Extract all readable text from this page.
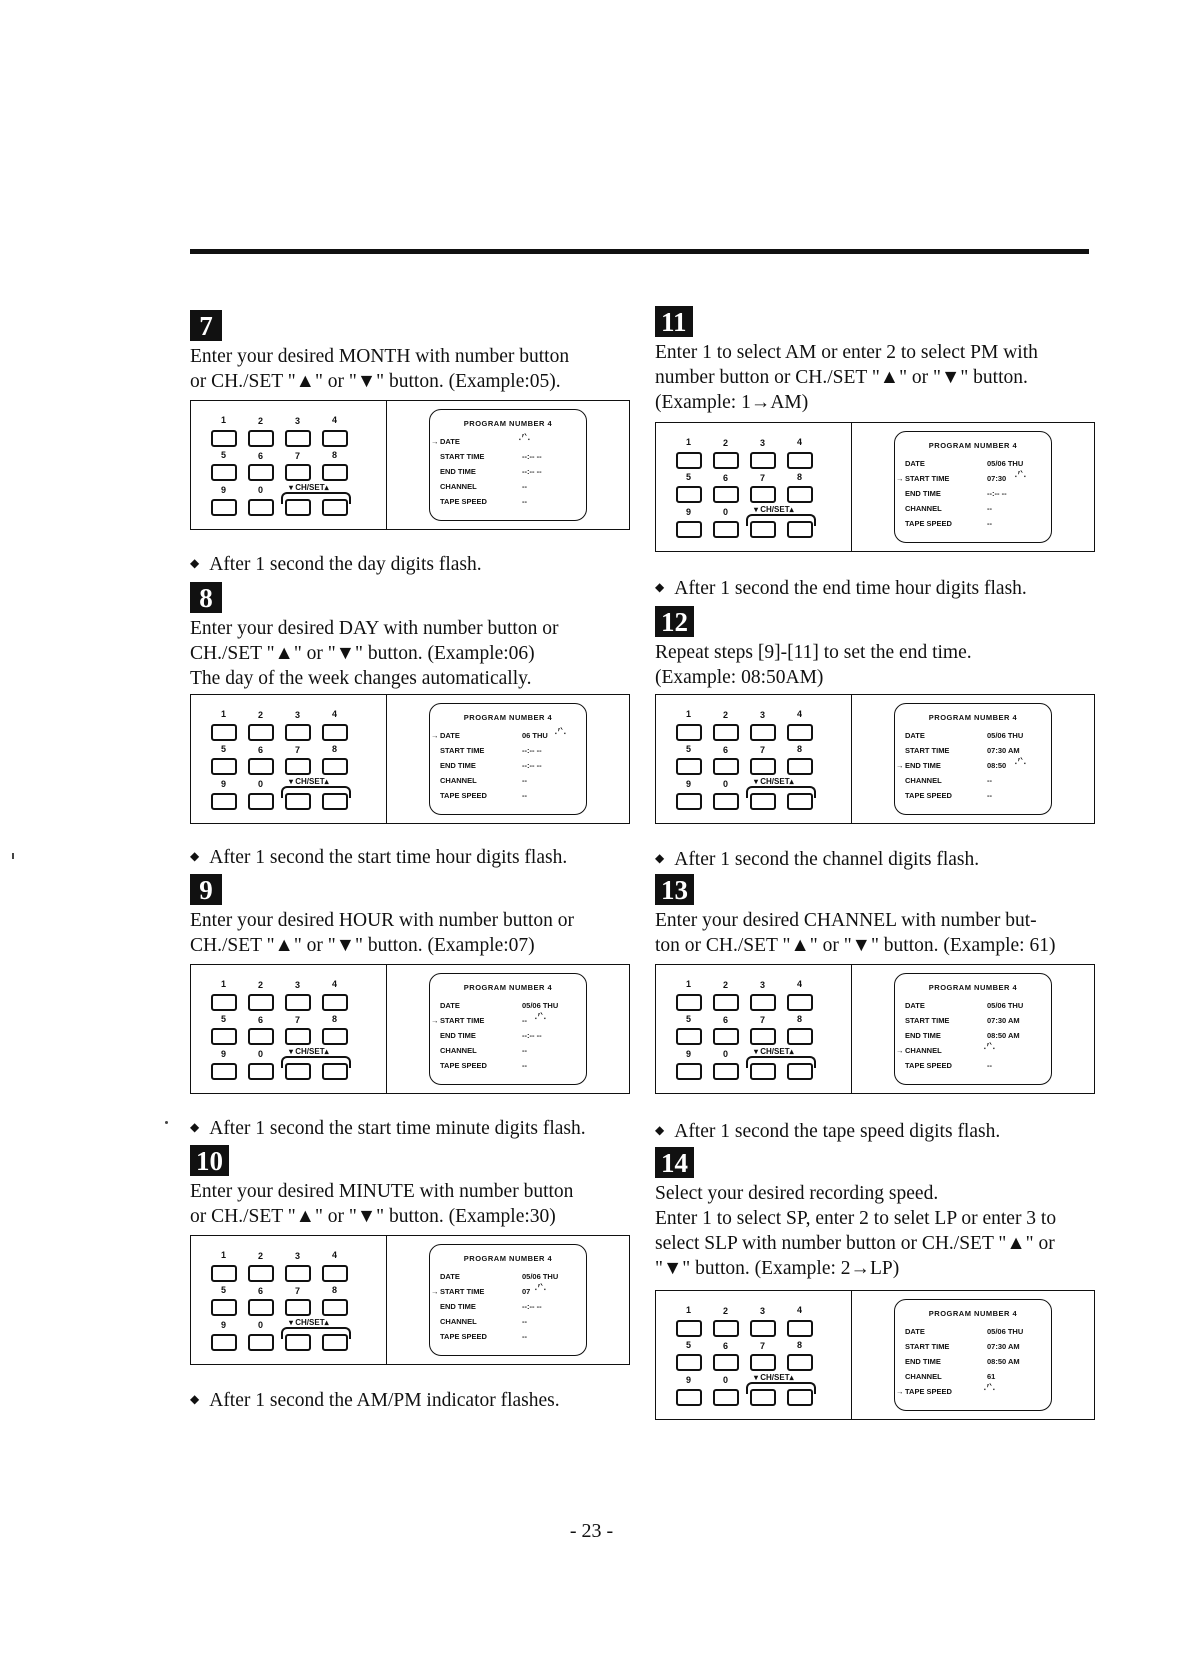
7

Enter your desired MONTH with number button

or CH./SET "▲" or "▼" button. (Example:05).

1	2	3	4
5	6	7	8
9	0	▾ CH/SET▴
PROGRAM NUMBER 4
→ DATE	∙′‵∙
START TIME	--:-- --
END TIME	--:-- --
CHANNEL	--
TAPE SPEED	--
◆ After 1 second the day digits flash.
8

Enter your desired DAY with number button or

CH./SET "▲" or "▼" button. (Example:06)

The day of the week changes automatically.

1	2	3	4
5	6	7	8
9	0	▾ CH/SET▴
PROGRAM NUMBER 4
→ DATE	06 THU ∙′‵∙
START TIME	--:-- --
END TIME	--:-- --
CHANNEL	--
TAPE SPEED	--
◆ After 1 second the start time hour digits flash.
9

Enter your desired HOUR with number button or

CH./SET "▲" or "▼" button. (Example:07)

1	2	3	4
5	6	7	8
9	0	▾ CH/SET▴
PROGRAM NUMBER 4
DATE	05/06 THU
→ START TIME	-- ∙′‵∙
END TIME	--:-- --
CHANNEL	--
TAPE SPEED	--
◆ After 1 second the start time minute digits flash.
10

Enter your desired MINUTE with number button

or CH./SET "▲" or "▼" button. (Example:30)

1	2	3	4
5	6	7	8
9	0	▾ CH/SET▴
PROGRAM NUMBER 4
DATE	05/06 THU
→ START TIME	07 ∙′‵∙
END TIME	--:-- --
CHANNEL	--
TAPE SPEED	--
◆ After 1 second the AM/PM indicator flashes.
11

Enter 1 to select AM or enter 2 to select PM with

number button or CH./SET "▲" or "▼" button.

(Example: 1→AM)

1	2	3	4
5	6	7	8
9	0	▾ CH/SET▴
PROGRAM NUMBER 4
DATE	05/06 THU
→ START TIME	07:30 ∙′‵∙
END TIME	--:-- --
CHANNEL	--
TAPE SPEED	--
◆ After 1 second the end time hour digits flash.
12

Repeat steps [9]-[11] to set the end time.

(Example: 08:50AM)

1	2	3	4
5	6	7	8
9	0	▾ CH/SET▴
PROGRAM NUMBER 4
DATE	05/06 THU
START TIME	07:30 AM
→ END TIME	08:50 ∙′‵∙
CHANNEL	--
TAPE SPEED	--
◆ After 1 second the channel digits flash.
13

Enter your desired CHANNEL with number but-

ton or CH./SET "▲" or "▼" button. (Example: 61)

1	2	3	4
5	6	7	8
9	0	▾ CH/SET▴
PROGRAM NUMBER 4
DATE	05/06 THU
START TIME	07:30 AM
END TIME	08:50 AM
→ CHANNEL	∙′‵∙
TAPE SPEED	--
◆ After 1 second the tape speed digits flash.
14

Select your desired recording speed.

Enter 1 to select SP, enter 2 to selet LP or enter 3 to

select SLP with number button or CH./SET "▲" or

"▼" button. (Example: 2→LP)

1	2	3	4
5	6	7	8
9	0	▾ CH/SET▴
PROGRAM NUMBER 4
DATE	05/06 THU
START TIME	07:30 AM
END TIME	08:50 AM
CHANNEL	61
→ TAPE SPEED ∙′‵∙
- 23 -
